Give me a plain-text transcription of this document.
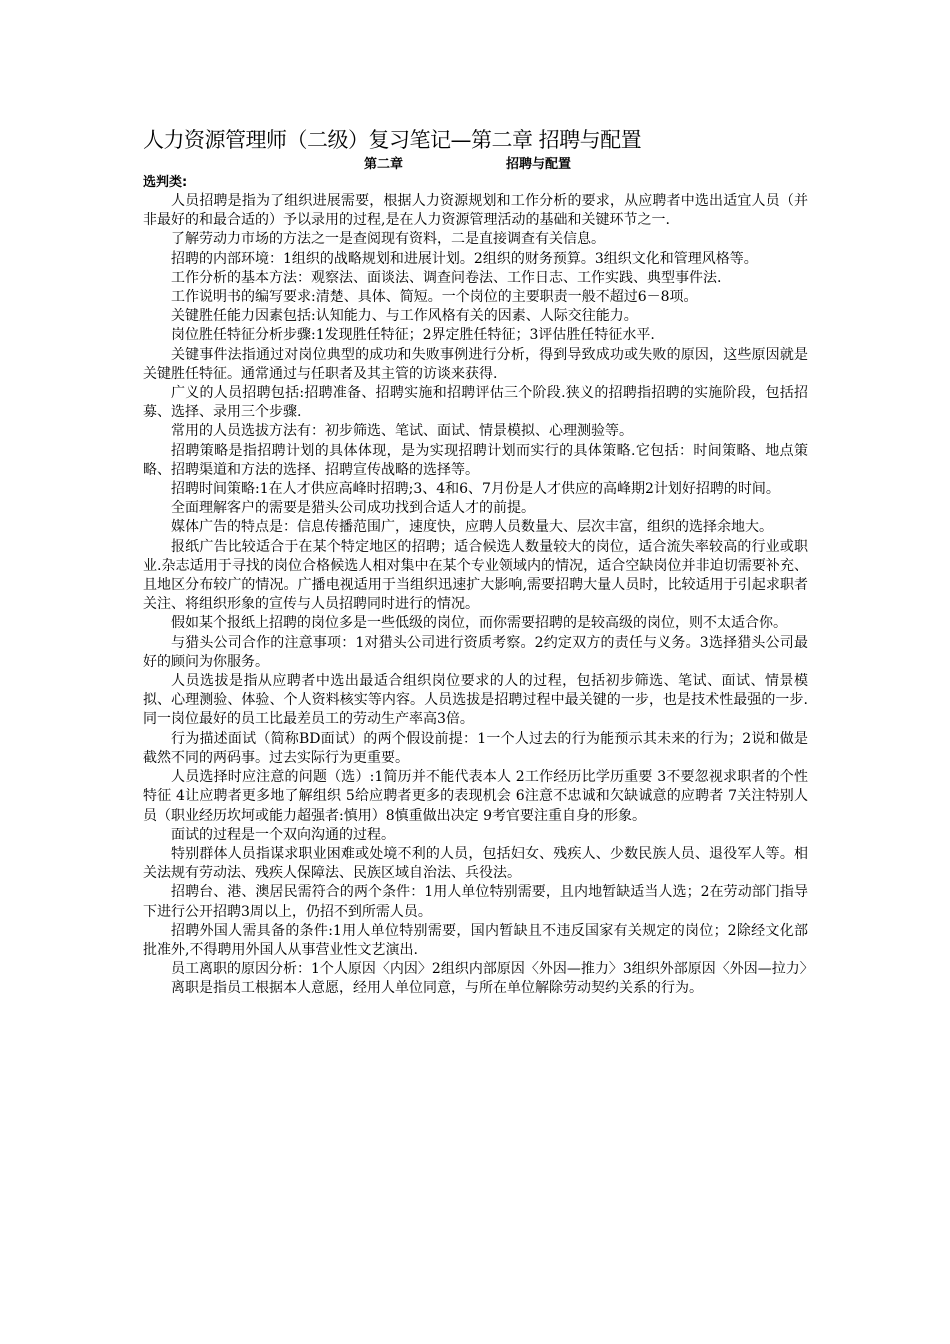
人力资源管理师（二级）复习笔记—第二章 招聘与配置
第二章	招聘与配置
选判类:

人员招聘是指为了组织进展需要，根据人力资源规划和工作分析的要求，从应聘者中选出适宜人员（并非最好的和最合适的）予以录用的过程,是在人力资源管理活动的基础和关键环节之一.

了解劳动力市场的方法之一是查阅现有资料，二是直接调查有关信息。

招聘的内部环境：1组织的战略规划和进展计划。2组织的财务预算。3组织文化和管理风格等。

工作分析的基本方法：观察法、面谈法、调查问卷法、工作日志、工作实践、典型事件法.

工作说明书的编写要求:清楚、具体、简短。一个岗位的主要职责一般不超过6－8项。

关键胜任能力因素包括:认知能力、与工作风格有关的因素、人际交往能力。

岗位胜任特征分析步骤:1发现胜任特征；2界定胜任特征；3评估胜任特征水平.

关键事件法指通过对岗位典型的成功和失败事例进行分析，得到导致成功或失败的原因，这些原因就是关键胜任特征。通常通过与任职者及其主管的访谈来获得.

广义的人员招聘包括:招聘准备、招聘实施和招聘评估三个阶段.狭义的招聘指招聘的实施阶段，包括招募、选择、录用三个步骤.

常用的人员选拔方法有：初步筛选、笔试、面试、情景模拟、心理测验等。

招聘策略是指招聘计划的具体体现，是为实现招聘计划而实行的具体策略.它包括：时间策略、地点策略、招聘渠道和方法的选择、招聘宣传战略的选择等。

招聘时间策略:1在人才供应高峰时招聘;3、4和6、7月份是人才供应的高峰期2计划好招聘的时间。

全面理解客户的需要是猎头公司成功找到合适人才的前提。

媒体广告的特点是：信息传播范围广，速度快，应聘人员数量大、层次丰富，组织的选择余地大。

报纸广告比较适合于在某个特定地区的招聘；适合候选人数量较大的岗位，适合流失率较高的行业或职业.杂志适用于寻找的岗位合格候选人相对集中在某个专业领域内的情况，适合空缺岗位并非迫切需要补充、且地区分布较广的情况。广播电视适用于当组织迅速扩大影响,需要招聘大量人员时，比较适用于引起求职者关注、将组织形象的宣传与人员招聘同时进行的情况。

假如某个报纸上招聘的岗位多是一些低级的岗位，而你需要招聘的是较高级的岗位，则不太适合你。

与猎头公司合作的注意事项：1对猎头公司进行资质考察。2约定双方的责任与义务。3选择猎头公司最好的顾问为你服务。

人员选拔是指从应聘者中选出最适合组织岗位要求的人的过程，包括初步筛选、笔试、面试、情景模拟、心理测验、体验、个人资料核实等内容。人员选拔是招聘过程中最关键的一步，也是技术性最强的一步.同一岗位最好的员工比最差员工的劳动生产率高3倍。

行为描述面试（简称BD面试）的两个假设前提：1一个人过去的行为能预示其未来的行为；2说和做是截然不同的两码事。过去实际行为更重要。

人员选择时应注意的问题（选）:1简历并不能代表本人 2工作经历比学历重要 3不要忽视求职者的个性特征 4让应聘者更多地了解组织 5给应聘者更多的表现机会 6注意不忠诚和欠缺诚意的应聘者 7关注特别人员（职业经历坎坷或能力超强者:慎用）8慎重做出决定 9考官要注重自身的形象。

面试的过程是一个双向沟通的过程。

特别群体人员指谋求职业困难或处境不利的人员，包括妇女、残疾人、少数民族人员、退役军人等。相关法规有劳动法、残疾人保障法、民族区域自治法、兵役法。

招聘台、港、澳居民需符合的两个条件：1用人单位特别需要，且内地暂缺适当人选；2在劳动部门指导下进行公开招聘3周以上，仍招不到所需人员。

招聘外国人需具备的条件:1用人单位特别需要，国内暂缺且不违反国家有关规定的岗位；2除经文化部批准外,不得聘用外国人从事营业性文艺演出.

员工离职的原因分析：1个人原因〈内因〉2组织内部原因〈外因—推力〉3组织外部原因〈外因—拉力〉

离职是指员工根据本人意愿，经用人单位同意，与所在单位解除劳动契约关系的行为。
